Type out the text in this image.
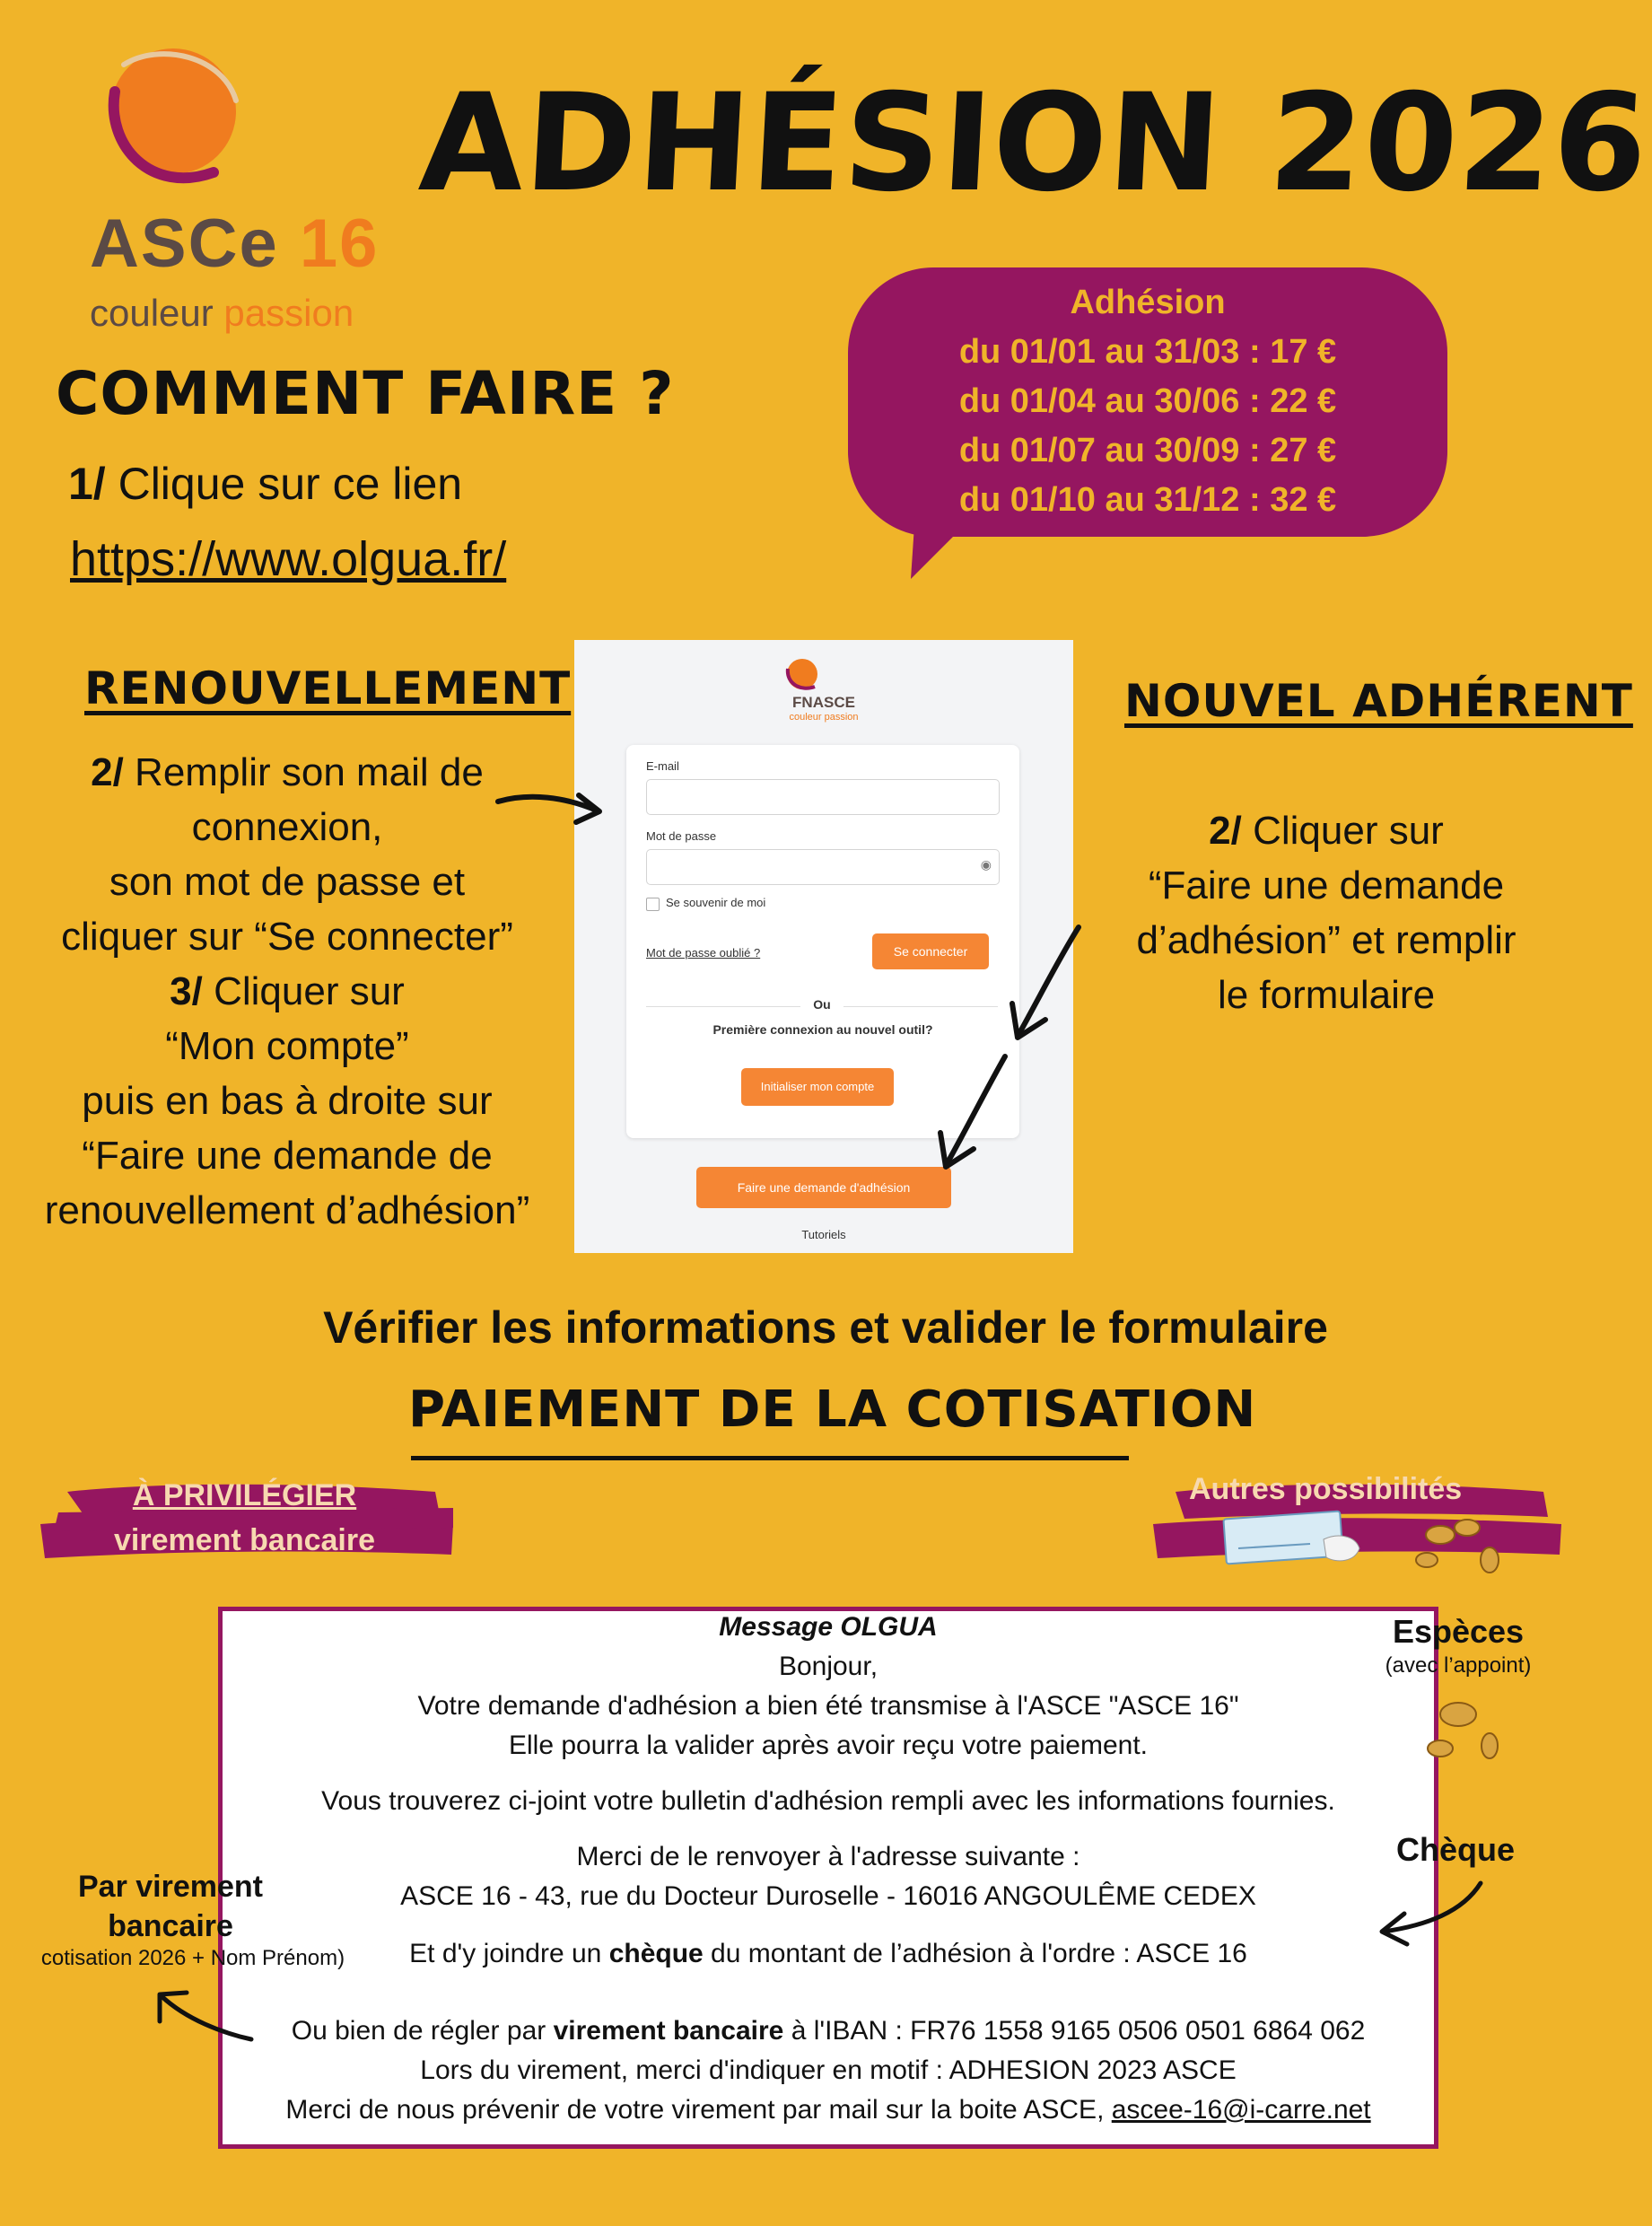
ASCe 16
couleur passion
ADHÉSION 2026
COMMENT FAIRE ?
1/ Clique sur ce lien
https://www.olgua.fr/
Adhésion
du 01/01 au 31/03 : 17 €
du 01/04 au 30/06 : 22 €
du 01/07 au 30/09 : 27 €
du 01/10 au 31/12 : 32 €
RENOUVELLEMENT
2/ Remplir son mail de
connexion,
son mot de passe et
cliquer sur “Se connecter”
3/ Cliquer sur
“Mon compte”
puis en bas à droite sur
“Faire une demande de
renouvellement d’adhésion”
NOUVEL ADHÉRENT
2/ Cliquer sur
“Faire une demande
d’adhésion” et remplir
le formulaire
FNASCE
couleur passion
E-mail
Mot de passe
◉
Se souvenir de moi
Mot de passe oublié ?	Se connecter
Ou
Première connexion au nouvel outil?
Initialiser mon compte
Faire une demande d'adhésion
Tutoriels
Vérifier les informations et valider le formulaire
PAIEMENT DE LA COTISATION
À PRIVILÉGIER
virement bancaire
Autres possibilités
Message OLGUA
Bonjour,
Votre demande d'adhésion a bien été transmise à l'ASCE "ASCE 16"
Elle pourra la valider après avoir reçu votre paiement.
Vous trouverez ci-joint votre bulletin d'adhésion rempli avec les informations fournies.
Merci de le renvoyer à l'adresse suivante :
ASCE 16 - 43, rue du Docteur Duroselle - 16016 ANGOULÊME CEDEX
Et d'y joindre un chèque du montant de l’adhésion à l'ordre : ASCE 16
Ou bien de régler par virement bancaire à l'IBAN : FR76 1558 9165 0506 0501 6864 062
Lors du virement, merci d'indiquer en motif : ADHESION 2023 ASCE
Merci de nous prévenir de votre virement par mail sur la boite ASCE, ascee-16@i-carre.net
Espèces
(avec l’appoint)
Chèque
Par virement
bancaire
cotisation 2026 + Nom Prénom)
